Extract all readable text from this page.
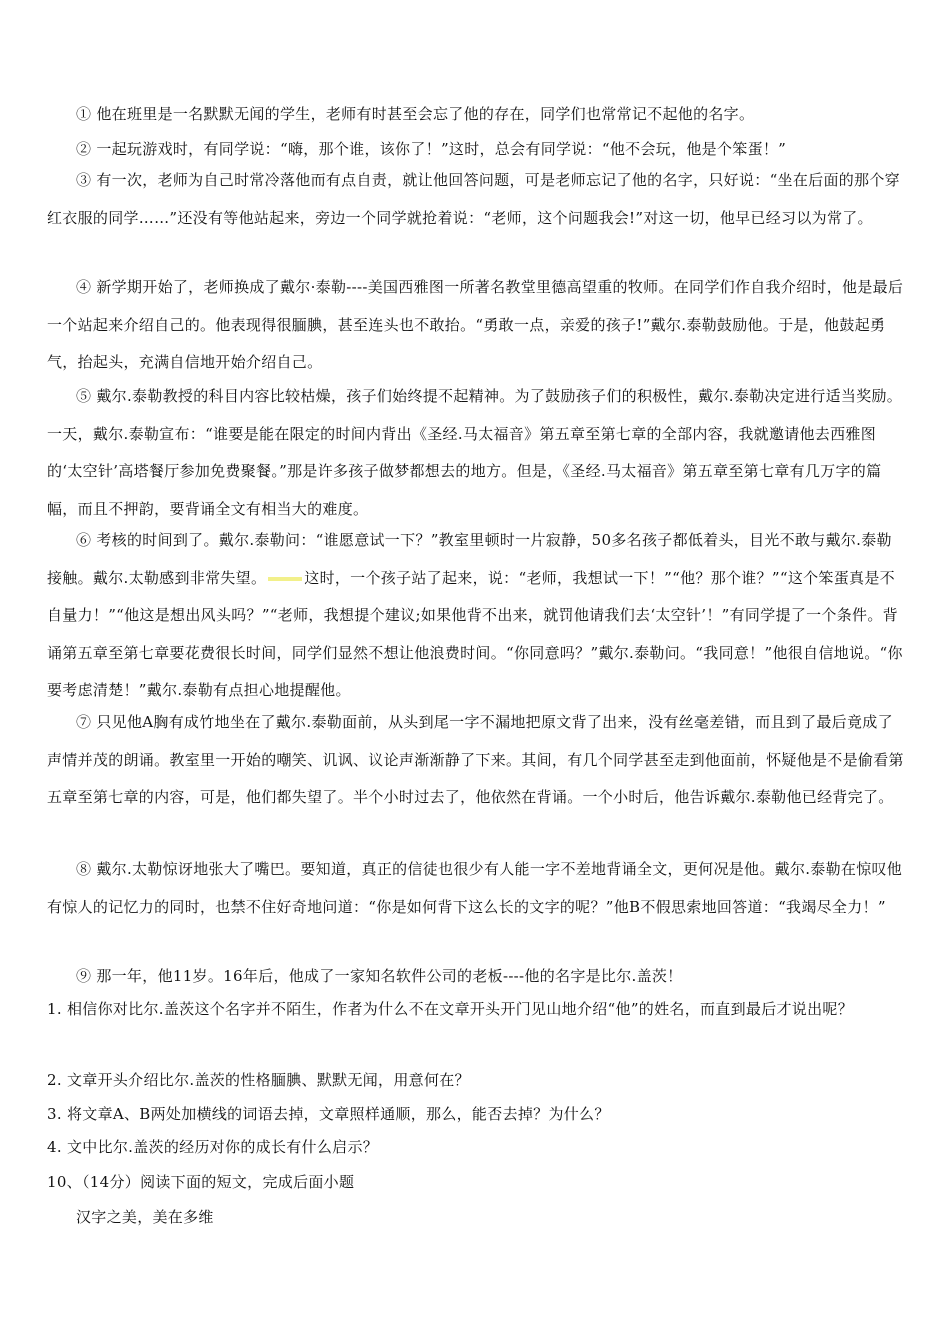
① 他在班里是一名默默无闻的学生，老师有时甚至会忘了他的存在，同学们也常常记不起他的名字。

② 一起玩游戏时，有同学说：“嗨，那个谁，该你了！”这时，总会有同学说：“他不会玩，他是个笨蛋！”

③ 有一次，老师为自己时常冷落他而有点自责，就让他回答问题，可是老师忘记了他的名字，只好说：“坐在后面的那个穿红衣服的同学……”还没有等他站起来，旁边一个同学就抢着说：“老师，这个问题我会!”对这一切，他早已经习以为常了。

④ 新学期开始了，老师换成了戴尔·泰勒----美国西雅图一所著名教堂里德高望重的牧师。在同学们作自我介绍时，他是最后一个站起来介绍自己的。他表现得很腼腆，甚至连头也不敢抬。“勇敢一点，亲爱的孩子!”戴尔.泰勒鼓励他。于是，他鼓起勇气，抬起头，充满自信地开始介绍自己。

⑤ 戴尔.泰勒教授的科目内容比较枯燥，孩子们始终提不起精神。为了鼓励孩子们的积极性，戴尔.泰勒决定进行适当奖励。一天，戴尔.泰勒宣布：“谁要是能在限定的时间内背出《圣经.马太福音》第五章至第七章的全部内容，我就邀请他去西雅图的‘太空针’高塔餐厅参加免费聚餐。”那是许多孩子做梦都想去的地方。但是，《圣经.马太福音》第五章至第七章有几万字的篇幅，而且不押韵，要背诵全文有相当大的难度。

⑥ 考核的时间到了。戴尔.泰勒问：“谁愿意试一下？”教室里顿时一片寂静，50多名孩子都低着头，目光不敢与戴尔.泰勒接触。戴尔.太勒感到非常失望。	这时，一个孩子站了起来，说：“老师，我想试一下！”“他？那个谁？”“这个笨蛋真是不自量力！”“他这是想出风头吗？”“老师，我想提个建议;如果他背不出来，就罚他请我们去‘太空针’！”有同学提了一个条件。背诵第五章至第七章要花费很长时间，同学们显然不想让他浪费时间。“你同意吗？”戴尔.泰勒问。“我同意！”他很自信地说。“你要考虑清楚！”戴尔.泰勒有点担心地提醒他。

⑦ 只见他A胸有成竹地坐在了戴尔.泰勒面前，从头到尾一字不漏地把原文背了出来，没有丝毫差错，而且到了最后竟成了声情并茂的朗诵。教室里一开始的嘲笑、讥讽、议论声渐渐静了下来。其间，有几个同学甚至走到他面前，怀疑他是不是偷看第五章至第七章的内容，可是，他们都失望了。半个小时过去了，他依然在背诵。一个小时后，他告诉戴尔.泰勒他已经背完了。

⑧ 戴尔.太勒惊讶地张大了嘴巴。要知道，真正的信徒也很少有人能一字不差地背诵全文，更何况是他。戴尔.泰勒在惊叹他有惊人的记忆力的同时，也禁不住好奇地问道：“你是如何背下这么长的文字的呢？”他B不假思索地回答道：“我竭尽全力！”

⑨ 那一年，他11岁。16年后，他成了一家知名软件公司的老板----他的名字是比尔.盖茨！

1. 相信你对比尔.盖茨这个名字并不陌生，作者为什么不在文章开头开门见山地介绍“他”的姓名，而直到最后才说出呢？

2. 文章开头介绍比尔.盖茨的性格腼腆、默默无闻，用意何在？

3. 将文章A、B两处加横线的词语去掉，文章照样通顺，那么，能否去掉？为什么？

4. 文中比尔.盖茨的经历对你的成长有什么启示？

10、（14分）阅读下面的短文，完成后面小题

汉字之美，美在多维
